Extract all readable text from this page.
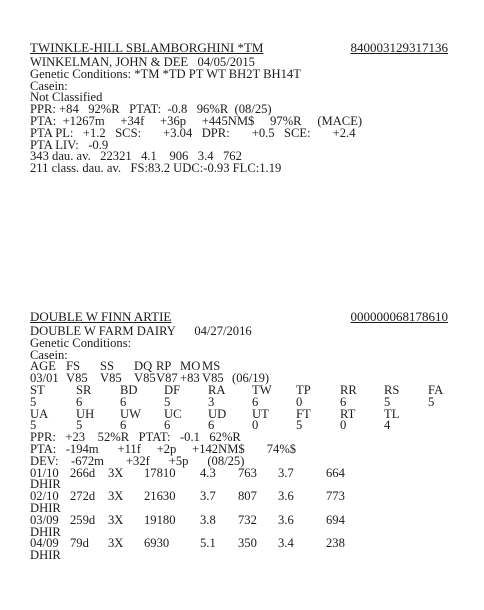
TWINKLE-HILL SBLAMBORGHINI *TM	840003129317136
WINKELMAN, JOHN & DEE   04/05/2015
Genetic Conditions: *TM *TD PT WT BH2T BH14T
Casein:
Not Classified
PPR: +84   92%R   PTAT:  -0.8   96%R  (08/25)
PTA:  +1267m     +34f     +36p     +445NM$     97%R     (MACE)
PTA PL:   +1.2   SCS:       +3.04   DPR:       +0.5   SCE:       +2.4
PTA LIV:   -0.9
343 dau. av.   22321   4.1    906   3.4   762
211 class. dau. av.   FS:83.2 UDC:-0.93 FLC:1.19
DOUBLE W FINN ARTIE	000000068178610
DOUBLE W FARM DAIRY      04/27/2016
Genetic Conditions:
Casein:
AGE FS	SS	DQ RP MO MS
03/01 V85 V85 V85 V87 +83 V85 (06/19)
ST	SR	BD	DF	RA	TW	TP	RR	RS	FA
5	6	6	5	3	6	0	6	5	5
UA	UH	UW	UC	UD	UT	FT	RT	TL
5	5	6	6	6	0	5	0	4
PPR:   +23    52%R   PTAT:   -0.1   62%R
PTA:   -194m      +11f     +2p     +142NM$       74%$
DEV:    -672m       +32f      +5p      (08/25)
01/10 266d	3X	17810	4.3	763	3.7	664
DHIR
02/10 272d	3X	21630	3.7	807	3.6	773
DHIR
03/09 259d	3X	19180	3.8	732	3.6	694
DHIR
04/09 79d	3X	6930	5.1	350	3.4	238
DHIR
